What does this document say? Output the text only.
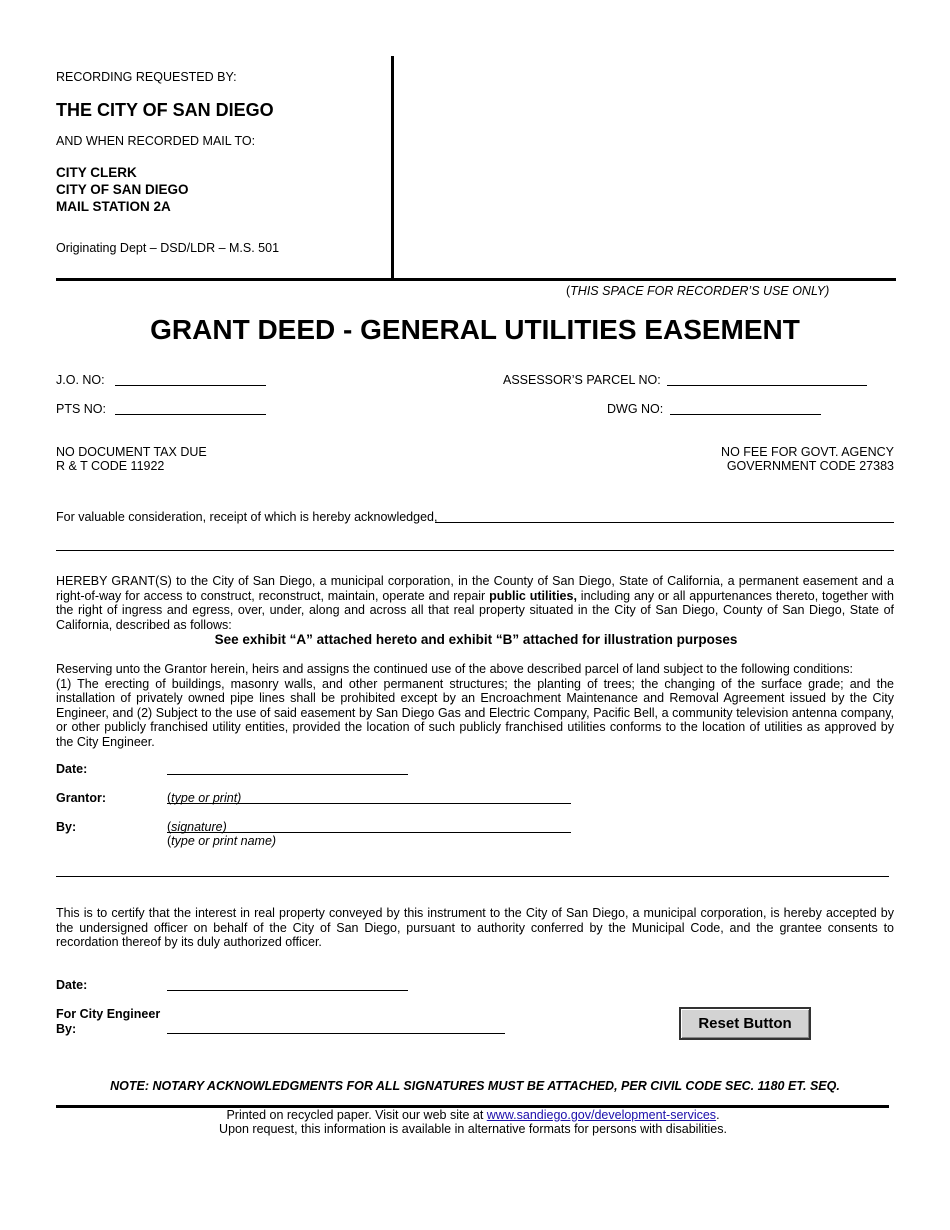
RECORDING REQUESTED BY:
THE CITY OF SAN DIEGO
AND WHEN RECORDED MAIL TO:
CITY CLERK
CITY OF SAN DIEGO
MAIL STATION 2A
Originating Dept – DSD/LDR – M.S. 501
(THIS SPACE FOR RECORDER’S USE ONLY)
GRANT DEED - GENERAL UTILITIES EASEMENT
J.O. NO:
PTS NO:
ASSESSOR’S PARCEL NO:
DWG NO:
NO DOCUMENT TAX DUE
R & T CODE 11922
NO FEE FOR GOVT. AGENCY
GOVERNMENT CODE 27383
For valuable consideration, receipt of which is hereby acknowledged,

HEREBY GRANT(S) to the City of San Diego, a municipal corporation, in the County of San Diego, State of California, a permanent easement and a right-of-way for access to construct, reconstruct, maintain, operate and repair public utilities, including any or all appurtenances thereto, together with the right of ingress and egress, over, under, along and across all that real property situated in the City of San Diego, County of San Diego, State of California, described as follows:

See exhibit “A” attached hereto and exhibit “B” attached for illustration purposes

Reserving unto the Grantor herein, heirs and assigns the continued use of the above described parcel of land subject to the following conditions:

(1) The erecting of buildings, masonry walls, and other permanent structures; the planting of trees; the changing of the surface grade; and the installation of privately owned pipe lines shall be prohibited except by an Encroachment Maintenance and Removal Agreement issued by the City Engineer, and (2) Subject to the use of said easement by San Diego Gas and Electric Company, Pacific Bell, a community television antenna company, or other publicly franchised utility entities, provided the location of such publicly franchised utilities conforms to the location of utilities as approved by the City Engineer.

Date:
Grantor:	(type or print)
By:	(signature)
(type or print name)
This is to certify that the interest in real property conveyed by this instrument to the City of San Diego, a municipal corporation, is hereby accepted by the undersigned officer on behalf of the City of San Diego, pursuant to authority conferred by the Municipal Code, and the grantee consents to recordation thereof by its duly authorized officer.
Date:
For City Engineer
By:	Reset Button
NOTE: NOTARY ACKNOWLEDGMENTS FOR ALL SIGNATURES MUST BE ATTACHED, PER CIVIL CODE SEC. 1180 ET. SEQ.
Printed on recycled paper. Visit our web site at www.sandiego.gov/development-services.
Upon request, this information is available in alternative formats for persons with disabilities.
